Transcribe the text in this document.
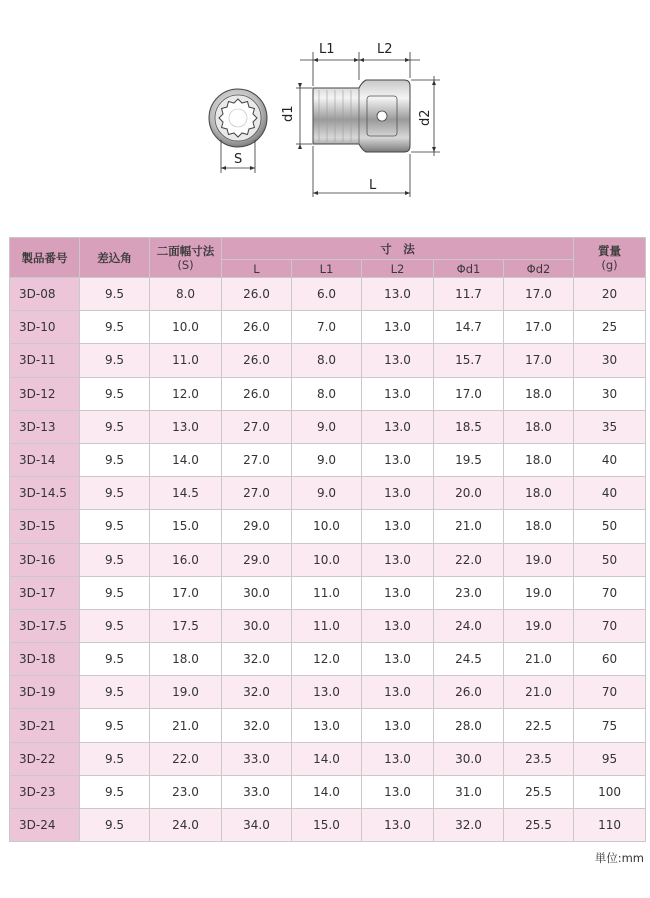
S
L1	L2
d1	d2
L
製品番号	差込角	二面幅寸法
(S)	寸　法					質量
(g)

			L	L1	L2	Φd1	Φd2	
3D-08	9.5	8.0	26.0	6.0	13.0	11.7	17.0	20
3D-10	9.5	10.0	26.0	7.0	13.0	14.7	17.0	25
3D-11	9.5	11.0	26.0	8.0	13.0	15.7	17.0	30
3D-12	9.5	12.0	26.0	8.0	13.0	17.0	18.0	30
3D-13	9.5	13.0	27.0	9.0	13.0	18.5	18.0	35
3D-14	9.5	14.0	27.0	9.0	13.0	19.5	18.0	40
3D-14.5	9.5	14.5	27.0	9.0	13.0	20.0	18.0	40
3D-15	9.5	15.0	29.0	10.0	13.0	21.0	18.0	50
3D-16	9.5	16.0	29.0	10.0	13.0	22.0	19.0	50
3D-17	9.5	17.0	30.0	11.0	13.0	23.0	19.0	70
3D-17.5	9.5	17.5	30.0	11.0	13.0	24.0	19.0	70
3D-18	9.5	18.0	32.0	12.0	13.0	24.5	21.0	60
3D-19	9.5	19.0	32.0	13.0	13.0	26.0	21.0	70
3D-21	9.5	21.0	32.0	13.0	13.0	28.0	22.5	75
3D-22	9.5	22.0	33.0	14.0	13.0	30.0	23.5	95
3D-23	9.5	23.0	33.0	14.0	13.0	31.0	25.5	100
3D-24	9.5	24.0	34.0	15.0	13.0	32.0	25.5	110
単位:mm
